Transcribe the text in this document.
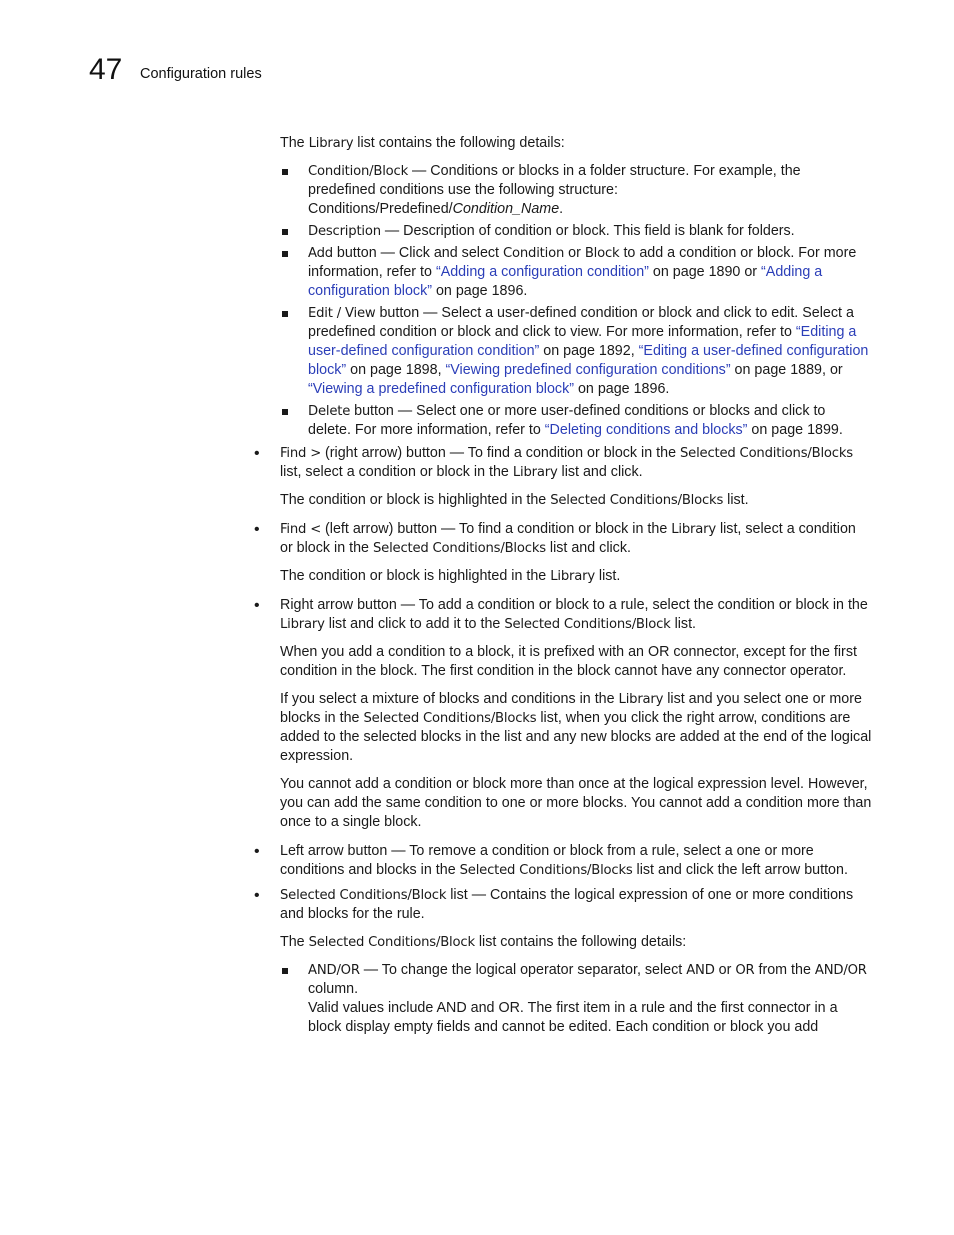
47 Configuration rules

The Library list contains the following details:

Condition/Block — Conditions or blocks in a folder structure. For example, the predefined conditions use the following structure: Conditions/Predefined/Condition_Name.
Description — Description of condition or block. This field is blank for folders.
Add button — Click and select Condition or Block to add a condition or block. For more information, refer to “Adding a configuration condition” on page 1890 or “Adding a configuration block” on page 1896.
Edit / View button — Select a user-defined condition or block and click to edit. Select a predefined condition or block and click to view. For more information, refer to “Editing a user-defined configuration condition” on page 1892, “Editing a user-defined configuration block” on page 1898, “Viewing predefined configuration conditions” on page 1889, or “Viewing a predefined configuration block” on page 1896.
Delete button — Select one or more user-defined conditions or blocks and click to delete. For more information, refer to “Deleting conditions and blocks” on page 1899.

• Find > (right arrow) button — To find a condition or block in the Selected Conditions/Blocks list, select a condition or block in the Library list and click.

The condition or block is highlighted in the Selected Conditions/Blocks list.

• Find < (left arrow) button — To find a condition or block in the Library list, select a condition or block in the Selected Conditions/Blocks list and click.

The condition or block is highlighted in the Library list.

• Right arrow button — To add a condition or block to a rule, select the condition or block in the Library list and click to add it to the Selected Conditions/Block list.

When you add a condition to a block, it is prefixed with an OR connector, except for the first condition in the block. The first condition in the block cannot have any connector operator.

If you select a mixture of blocks and conditions in the Library list and you select one or more blocks in the Selected Conditions/Blocks list, when you click the right arrow, conditions are added to the selected blocks in the list and any new blocks are added at the end of the logical expression.

You cannot add a condition or block more than once at the logical expression level. However, you can add the same condition to one or more blocks. You cannot add a condition more than once to a single block.

• Left arrow button — To remove a condition or block from a rule, select a one or more conditions and blocks in the Selected Conditions/Blocks list and click the left arrow button.

• Selected Conditions/Block list — Contains the logical expression of one or more conditions and blocks for the rule.

The Selected Conditions/Block list contains the following details:

AND/OR — To change the logical operator separator, select AND or OR from the AND/OR column.
Valid values include AND and OR. The first item in a rule and the first connector in a block display empty fields and cannot be edited. Each condition or block you add
